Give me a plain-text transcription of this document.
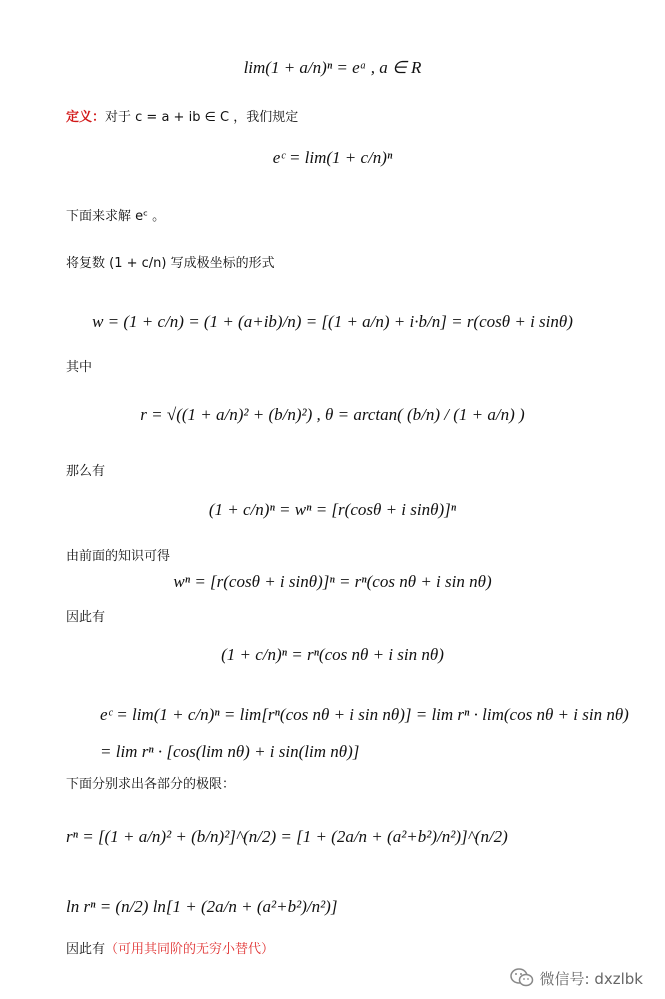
lim(1 + a/n)ⁿ = eᵃ , a ∈ R
定义：对于 c = a + ib ∈ C ，我们规定
eᶜ = lim(1 + c/n)ⁿ
下面来求解 eᶜ 。
将复数 (1 + c/n) 写成极坐标的形式
w = (1 + c/n) = (1 + (a+ib)/n) = [(1 + a/n) + i·b/n] = r(cosθ + i sinθ)
其中
r = √((1 + a/n)² + (b/n)²) , θ = arctan( (b/n) / (1 + a/n) )
那么有
(1 + c/n)ⁿ = wⁿ = [r(cosθ + i sinθ)]ⁿ
由前面的知识可得
wⁿ = [r(cosθ + i sinθ)]ⁿ = rⁿ(cos nθ + i sin nθ)
因此有
(1 + c/n)ⁿ = rⁿ(cos nθ + i sin nθ)
eᶜ = lim(1 + c/n)ⁿ = lim[rⁿ(cos nθ + i sin nθ)] = lim rⁿ · lim(cos nθ + i sin nθ)
= lim rⁿ · [cos(lim nθ) + i sin(lim nθ)]
下面分别求出各部分的极限：
rⁿ = [(1 + a/n)² + (b/n)²]^(n/2) = [1 + (2a/n + (a²+b²)/n²)]^(n/2)
ln rⁿ = (n/2) ln[1 + (2a/n + (a²+b²)/n²)]
因此有（可用其同阶的无穷小替代）
微信号: dxzlbk
